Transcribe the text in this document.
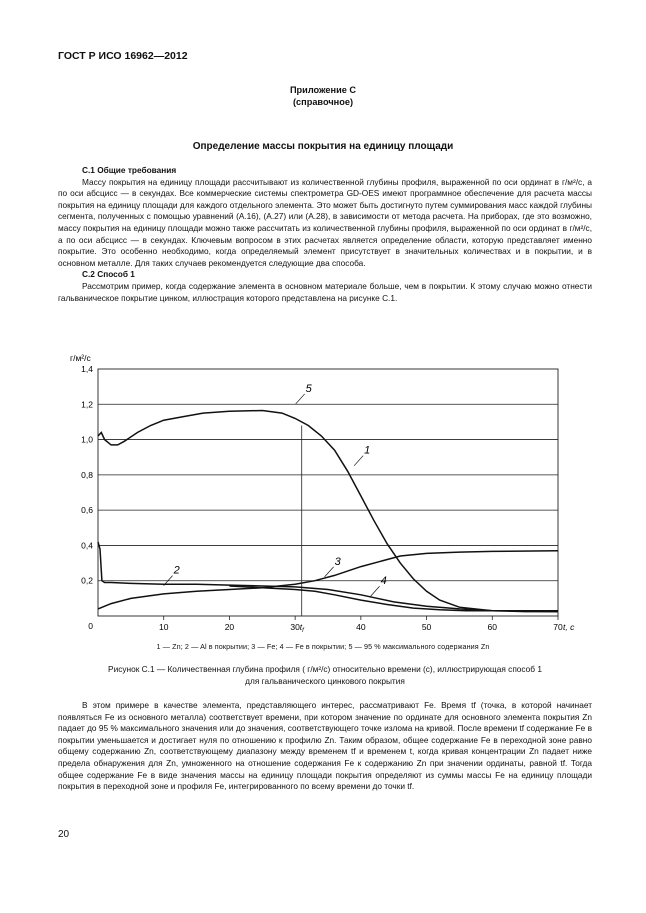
ГОСТ Р ИСО 16962—2012
Приложение С
(справочное)
Определение массы покрытия на единицу площади
С.1 Общие требования

Массу покрытия на единицу площади рассчитывают из количественной глубины профиля, выраженной по оси ординат в г/м²/с, а по оси абсцисс — в секундах. Все коммерческие системы спектрометра GD-OES имеют программное обеспечение для расчета массы покрытия на единицу площади для каждого отдельного элемента. Это может быть достигнуто путем суммирования масс каждой глубины сегмента, полученных с помощью уравнений (А.16), (А.27) или (А.28), в зависимости от метода расчета. На приборах, где это возможно, массу покрытия на единицу площади можно также рассчитать из количественной глубины профиля, выраженной по оси ординат в г/м²/с, а по оси абсцисс — в секундах. Ключевым вопросом в этих расчетах является определение области, которую представляет именно покрытие. Это особенно необходимо, когда определяемый элемент присутствует в значительных количествах и в покрытии, и в основном металле. Для таких случаев рекомендуется следующие два способа.

С.2 Способ 1

Рассмотрим пример, когда содержание элемента в основном материале больше, чем в покрытии. К этому случаю можно отнести гальваническое покрытие цинком, иллюстрация которого представлена на рисунке С.1.

0,2
0,4
0,6
0,8
1,0
1,2
1,4
10	20	30	40	50	60	70
0
г/м²/с
t, с
$t_f$
1
2
3
4
5
1 — Zn; 2 — Al в покрытии; 3 — Fe; 4 — Fe в покрытии; 5 — 95 % максимального содержания Zn
Рисунок С.1 — Количественная глубина профиля ( г/м²/с) относительно времени (с), иллюстрирующая способ 1
для гальванического цинкового покрытия

В этом примере в качестве элемента, представляющего интерес, рассматривают Fe. Время tf (точка, в которой начинает появляться Fe из основного металла) соответствует времени, при котором значение по ординате для основного элемента покрытия Zn падает до 95 % максимального значения или до значения, соответствующего точке излома на кривой. После времени tf содержание Fe в покрытии уменьшается и достигает нуля по отношению к профилю Zn. Таким образом, общее содержание Fe в переходной зоне равно общему содержанию Zn, соответствующему диапазону между временем tf и временем t, когда кривая концентрации Zn падает ниже предела обнаружения для Zn, умноженного на отношение содержания Fe к содержанию Zn при значении ординаты, равной tf. Тогда общее содержание Fe в виде значения массы на единицу площади покрытия определяют из суммы массы Fe на единицу площади покрытия в переходной зоне и профиля Fe, интегрированного по всему времени до точки tf.

20
